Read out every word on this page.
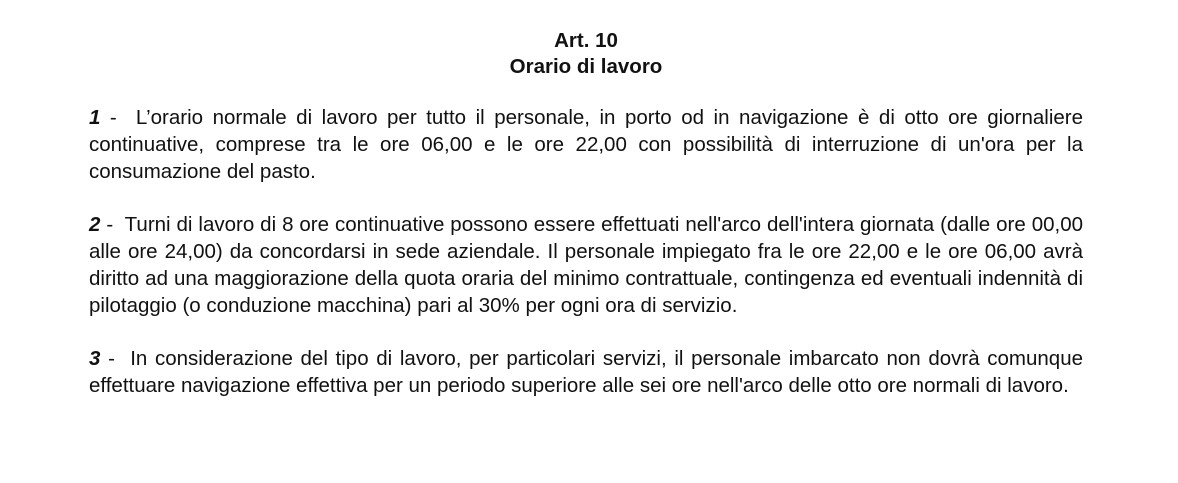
Art. 10

Orario di lavoro

1 -  L’orario normale di lavoro per tutto il personale, in porto od in navigazione è di otto ore giornaliere continuative, comprese tra le ore 06,00 e le ore 22,00 con possibilità di interruzione di un'ora per la consumazione del pasto.

2 -  Turni di lavoro di 8 ore continuative possono essere effettuati nell'arco dell'intera giornata (dalle ore 00,00 alle ore 24,00) da concordarsi in sede aziendale. Il personale impiegato fra le ore 22,00 e le ore 06,00 avrà diritto ad una maggiorazione della quota oraria del minimo contrattuale, contingenza ed eventuali indennità di pilotaggio (o conduzione macchina) pari al 30% per ogni ora di servizio.

3 -  In considerazione del tipo di lavoro, per particolari servizi, il personale imbarcato non dovrà comunque effettuare navigazione effettiva per un periodo superiore alle sei ore nell'arco delle otto ore normali di lavoro.
